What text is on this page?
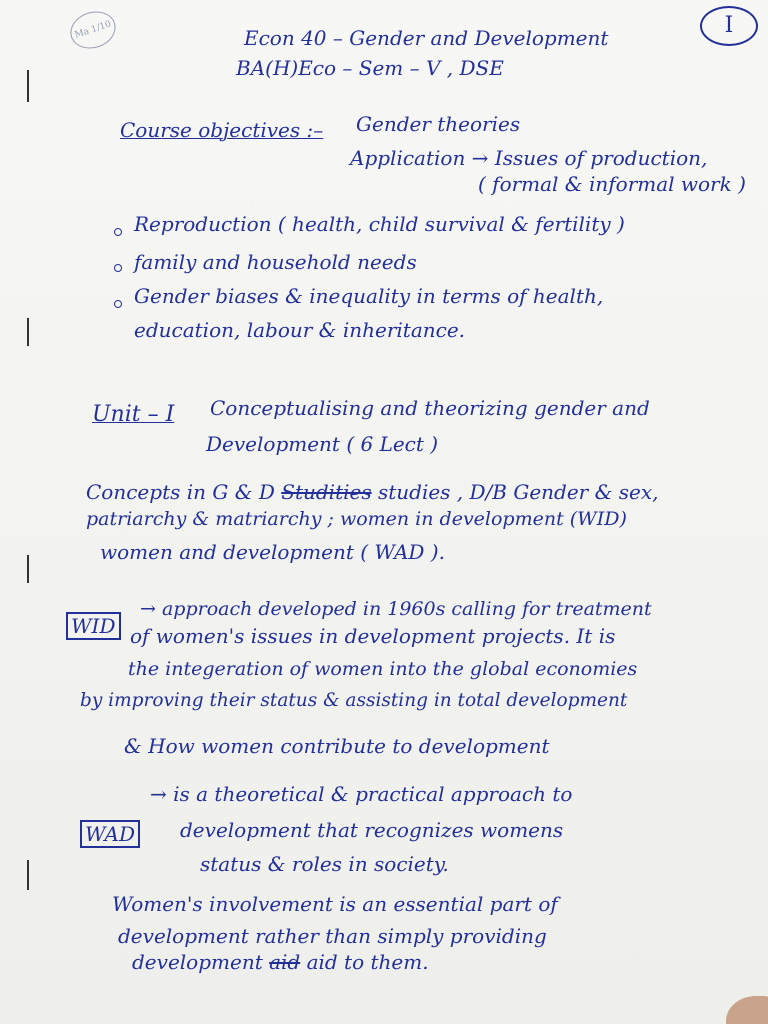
Ma 1/10	I
Econ 40 – Gender and Development
BA(H)Eco – Sem – V , DSE
Course objectives :– Gender theories
Application → Issues of production,
( formal & informal work )
Reproduction ( health, child survival & fertility )
family and household needs
Gender biases & inequality in terms of health,
education, labour & inheritance.
Unit – I Conceptualising and theorizing gender and
Development ( 6 Lect )
Concepts in G & D Studities studies , D/B Gender & sex,
patriarchy & matriarchy ; women in development (WID)
women and development ( WAD ).
WID
→ approach developed in 1960s calling for treatment
of women's issues in development projects. It is
the integeration of women into the global economies
by improving their status & assisting in total development
& How women contribute to development
WAD
→ is a theoretical & practical approach to
development that recognizes womens
status & roles in society.
Women's involvement is an essential part of
development rather than simply providing
development aid aid to them.
